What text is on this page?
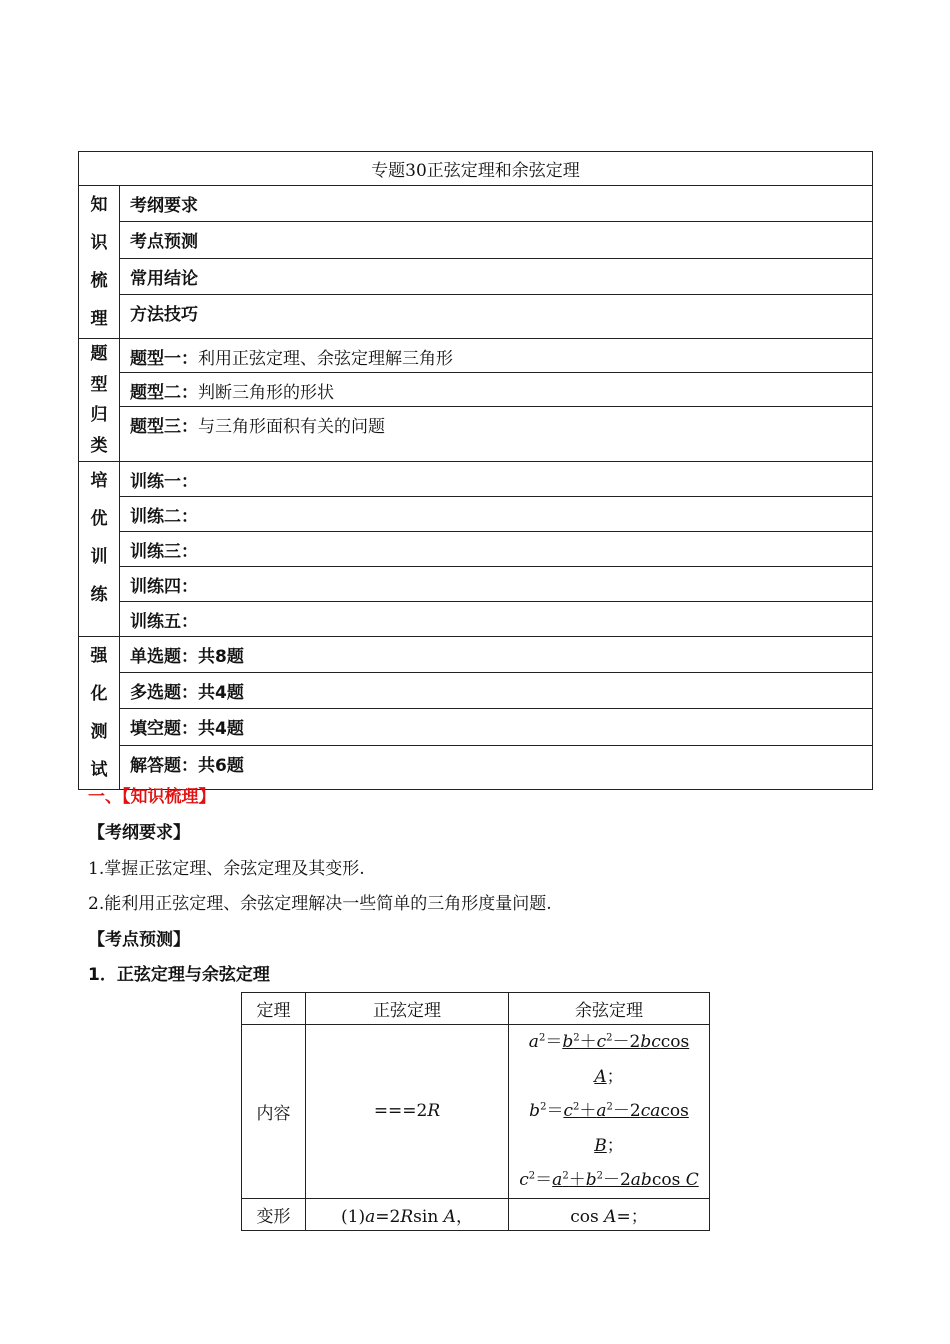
专题30正弦定理和余弦定理	

知
识
梳
理	考纲要求
	考点预测
	常用结论
	方法技巧

题
型
归
类	题型一：利用正弦定理、余弦定理解三角形
	题型二：判断三角形的形状
	题型三：与三角形面积有关的问题

培
优
训
练	训练一：
	训练二：
	训练三：
	训练四：
	训练五：

强
化
测
试	单选题：共8题
	多选题：共4题
	填空题：共4题
	解答题：共6题
一、【知识梳理】
【考纲要求】
1.掌握正弦定理、余弦定理及其变形.
2.能利用正弦定理、余弦定理解决一些简单的三角形度量问题.
【考点预测】
1．正弦定理与余弦定理
定理	正弦定理	余弦定理
内容	===2R	$a^2=b^2+c^2-2bccos$
A；
$b^2=c^2+a^2-2cacos$
B；
$c^2=a^2+b^2-2abcos$ C

变形	(1)a=2Rsin A，	cos A=；
